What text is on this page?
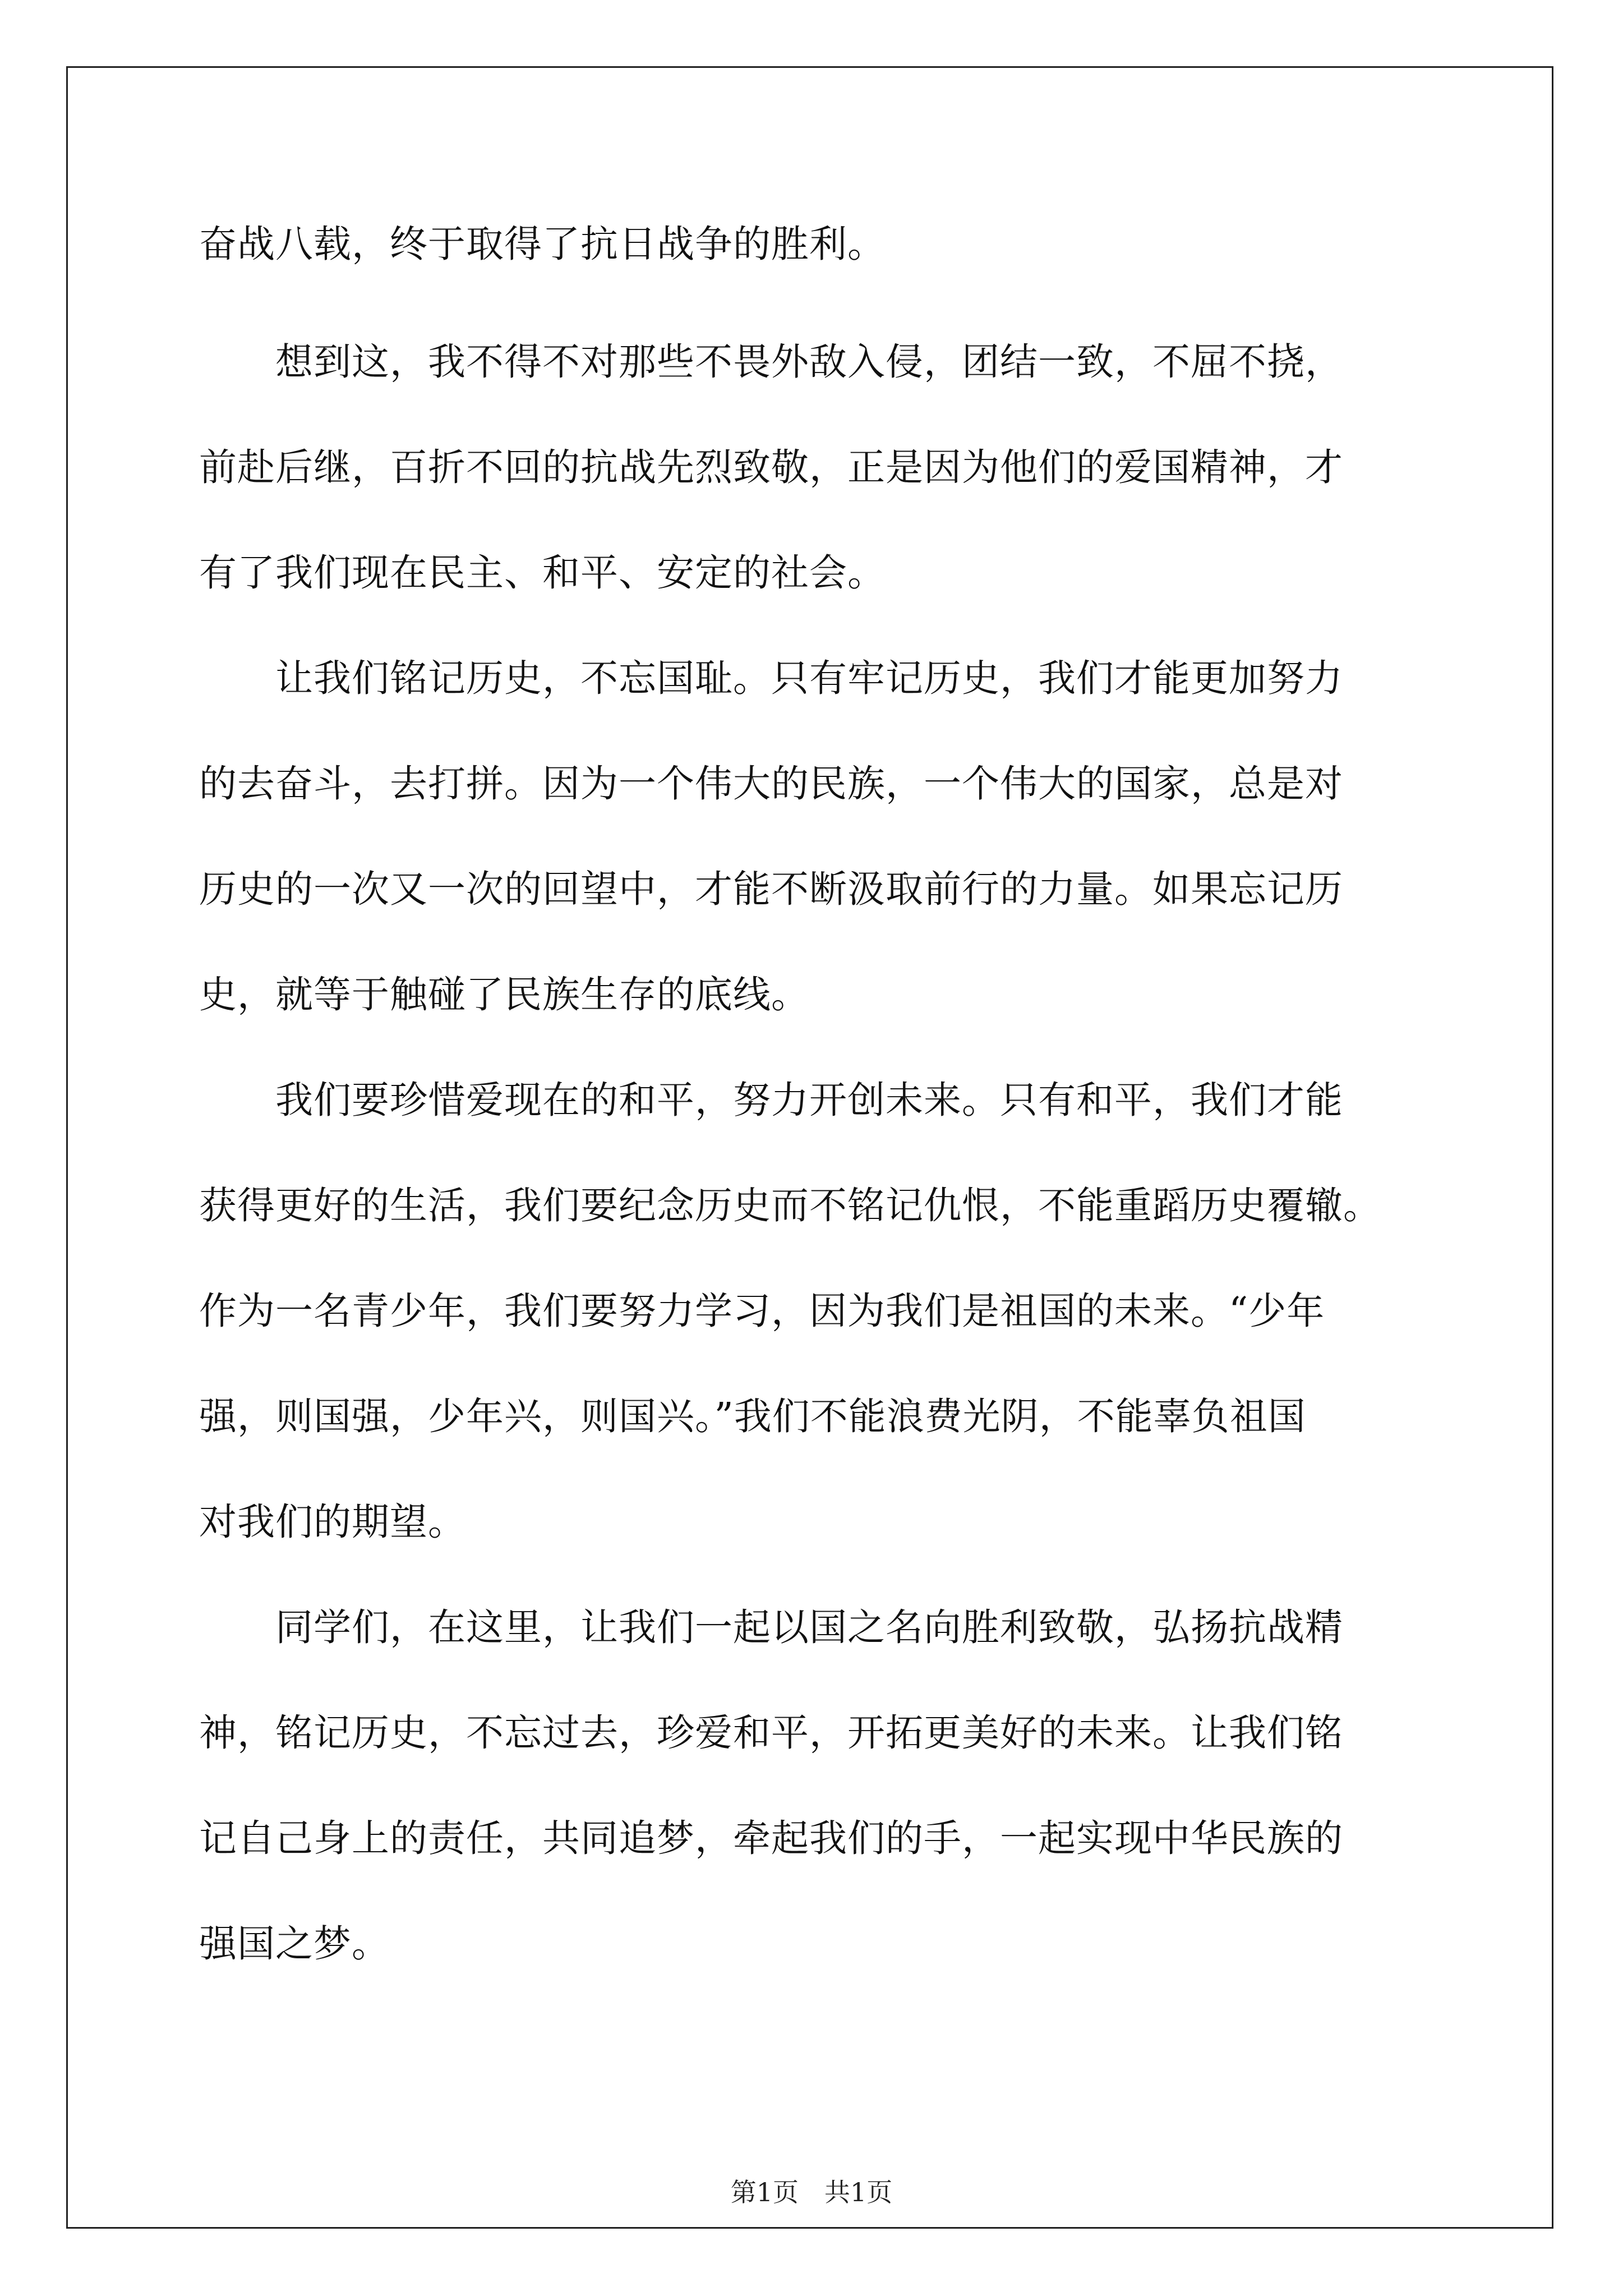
奋战八载，终于取得了抗日战争的胜利。
　　想到这，我不得不对那些不畏外敌入侵，团结一致，不屈不挠，
前赴后继，百折不回的抗战先烈致敬，正是因为他们的爱国精神，才
有了我们现在民主、和平、安定的社会。
　　让我们铭记历史，不忘国耻。只有牢记历史，我们才能更加努力
的去奋斗，去打拼。因为一个伟大的民族，一个伟大的国家，总是对
历史的一次又一次的回望中，才能不断汲取前行的力量。如果忘记历
史，就等于触碰了民族生存的底线。
　　我们要珍惜爱现在的和平，努力开创未来。只有和平，我们才能
获得更好的生活，我们要纪念历史而不铭记仇恨，不能重蹈历史覆辙。
作为一名青少年，我们要努力学习，因为我们是祖国的未来。“少年
强，则国强，少年兴，则国兴。”我们不能浪费光阴，不能辜负祖国
对我们的期望。
　　同学们，在这里，让我们一起以国之名向胜利致敬，弘扬抗战精
神，铭记历史，不忘过去，珍爱和平，开拓更美好的未来。让我们铭
记自己身上的责任，共同追梦，牵起我们的手，一起实现中华民族的
强国之梦。
第1页　共1页
